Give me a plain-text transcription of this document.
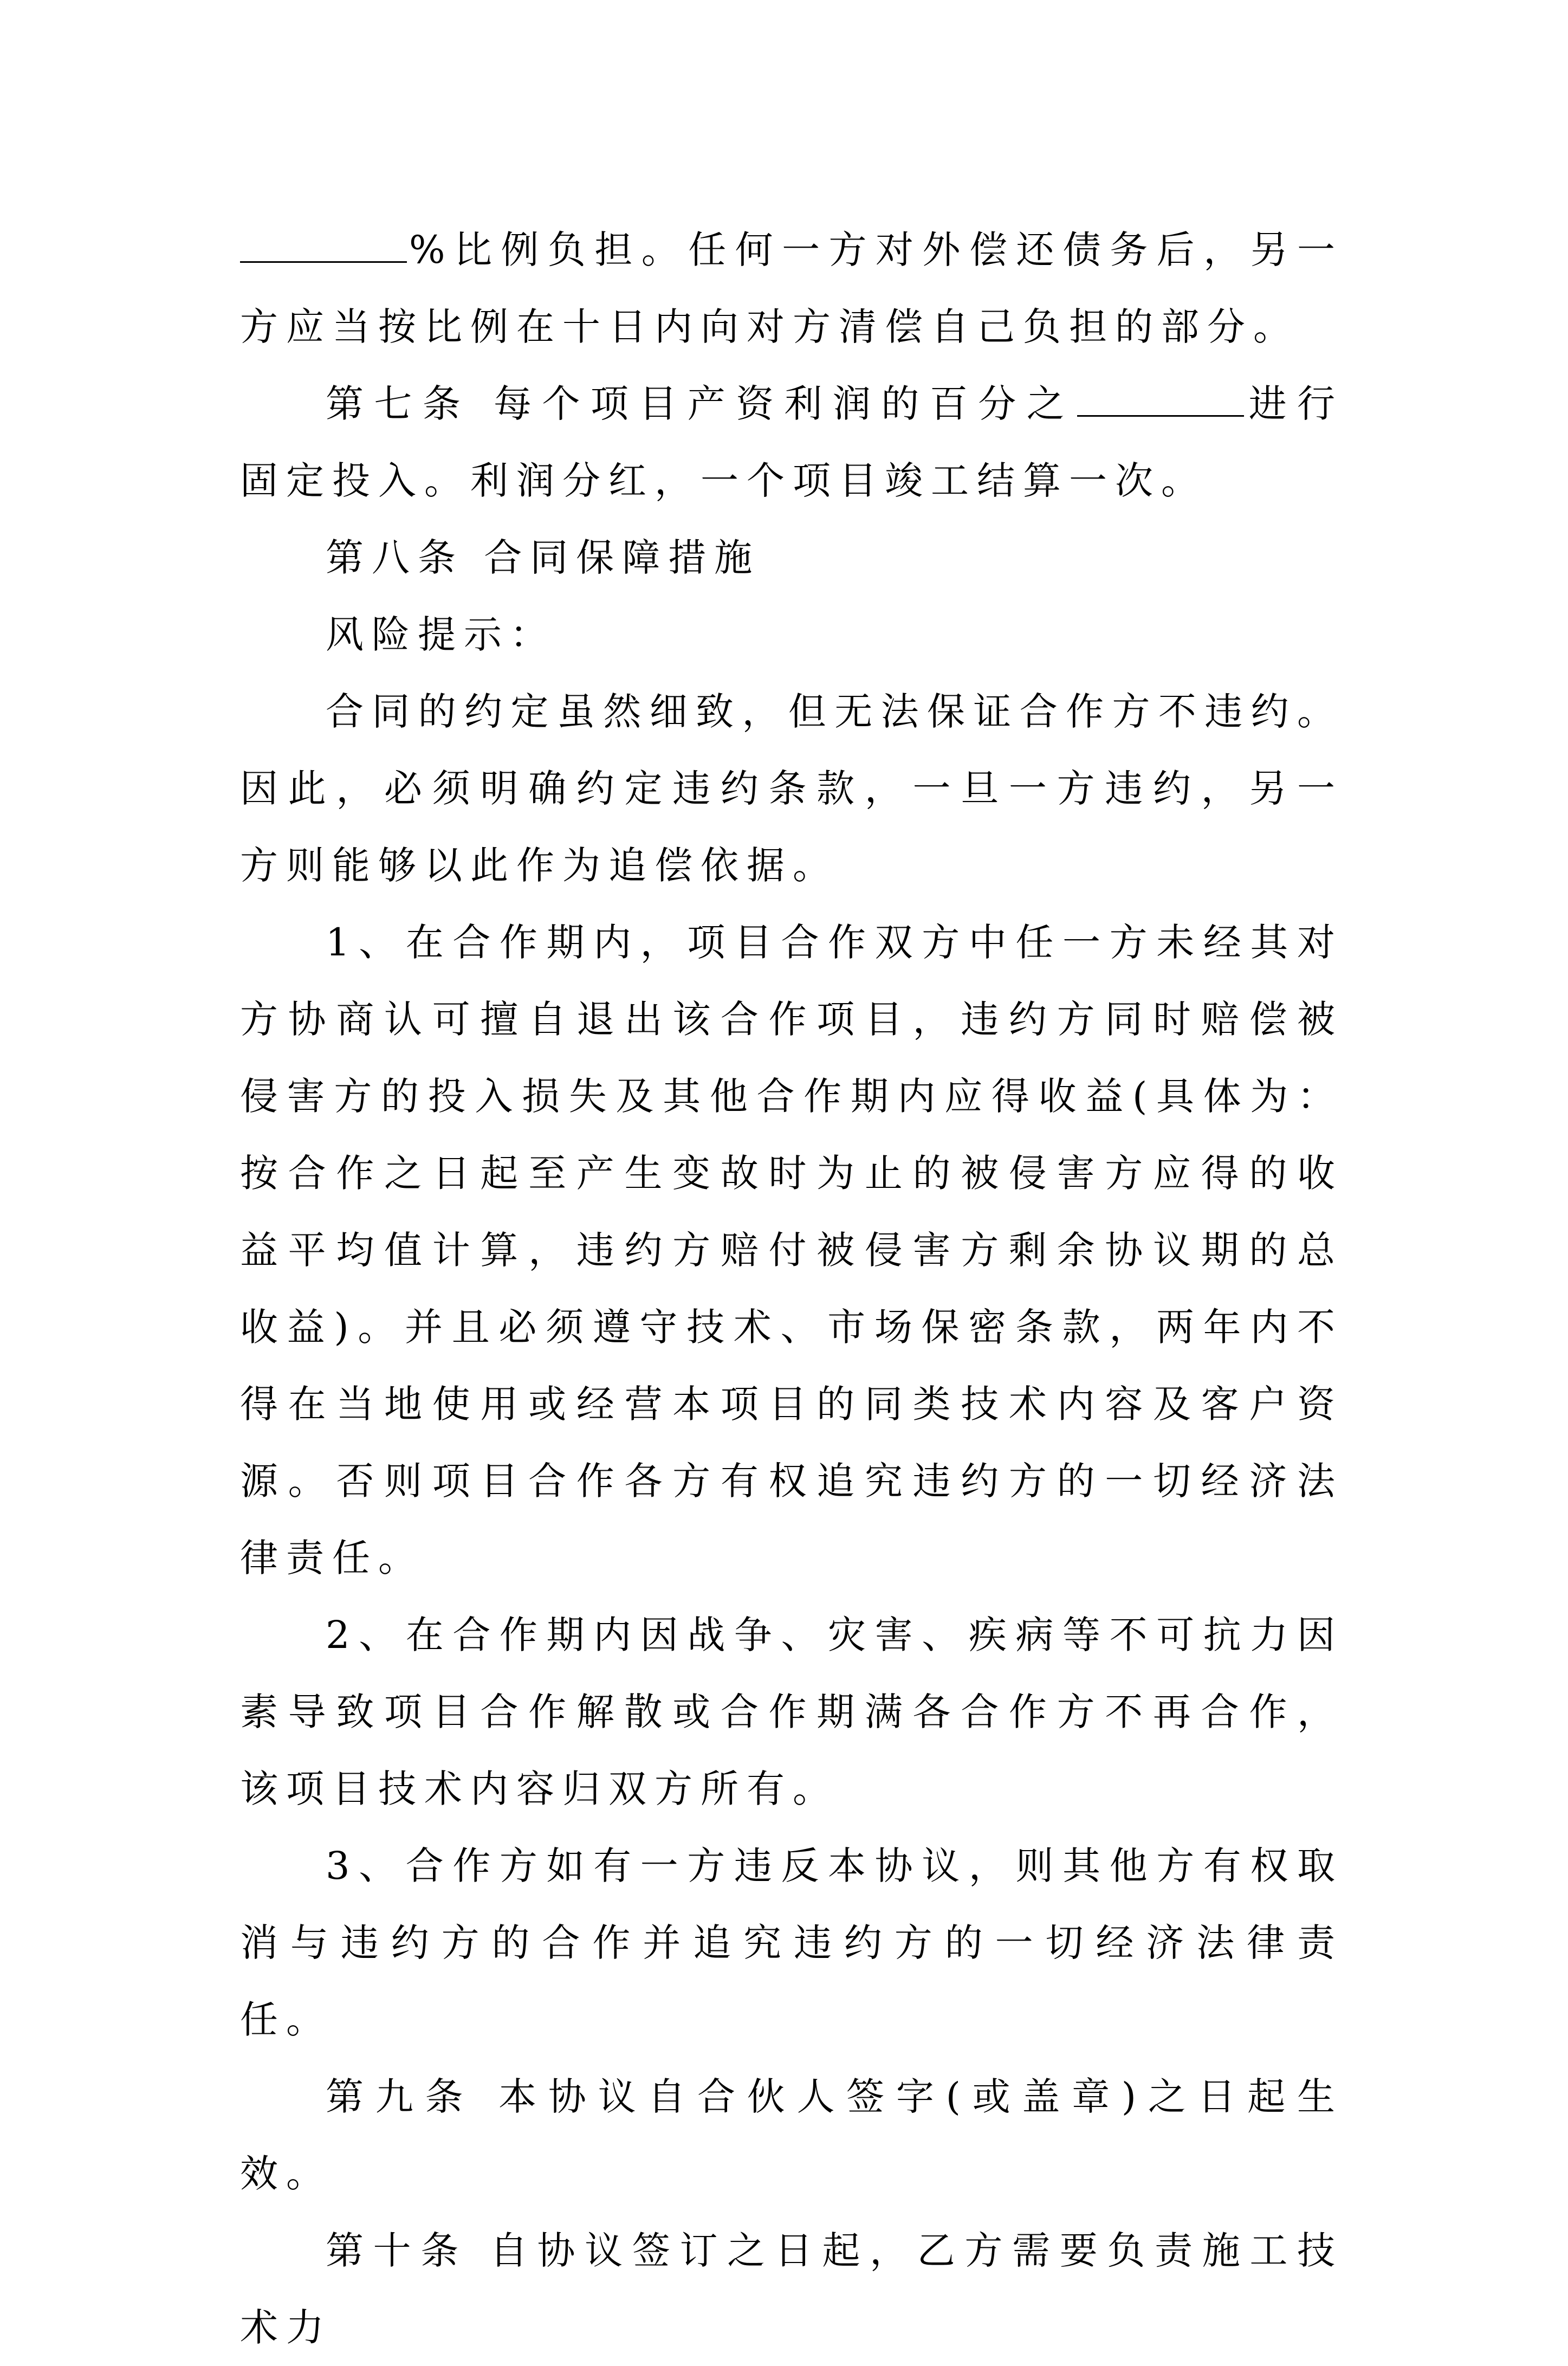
%比例负担。任何一方对外偿还债务后，另一方应当按比例在十日内向对方清偿自己负担的部分。

第七条 每个项目产资利润的百分之	进行固定投入。利润分红，一个项目竣工结算一次。

第八条 合同保障措施

风险提示：

合同的约定虽然细致，但无法保证合作方不违约。因此，必须明确约定违约条款，一旦一方违约，另一方则能够以此作为追偿依据。

1、在合作期内，项目合作双方中任一方未经其对方协商认可擅自退出该合作项目，违约方同时赔偿被侵害方的投入损失及其他合作期内应得收益(具体为：按合作之日起至产生变故时为止的被侵害方应得的收益平均值计算，违约方赔付被侵害方剩余协议期的总收益)。并且必须遵守技术、市场保密条款，两年内不得在当地使用或经营本项目的同类技术内容及客户资源。否则项目合作各方有权追究违约方的一切经济法律责任。

2、在合作期内因战争、灾害、疾病等不可抗力因素导致项目合作解散或合作期满各合作方不再合作，该项目技术内容归双方所有。

3、合作方如有一方违反本协议，则其他方有权取消与违约方的合作并追究违约方的一切经济法律责任。

第九条 本协议自合伙人签字(或盖章)之日起生效。

第十条 自协议签订之日起，乙方需要负责施工技术力
